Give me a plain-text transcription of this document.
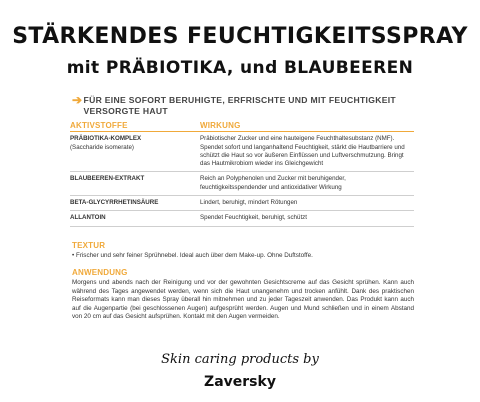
STÄRKENDES FEUCHTIGKEITSSPRAY
mit PRÄBIOTIKA, und BLAUBEEREN
➔ FÜR EINE SOFORT BERUHIGTE, ERFRISCHTE UND MIT FEUCHTIGKEIT VERSORGTE HAUT
AKTIVSTOFFE	WIRKUNG
PRÄBIOTIKA-KOMPLEX
(Saccharide isomerate)	Präbiotischer Zucker und eine hauteigene Feuchthaltesubstanz (NMF). Spendet sofort und langanhaltend Feuchtigkeit, stärkt die Hautbarriere und schützt die Haut so vor äußeren Einflüssen und Luftverschmutzung. Bringt das Hautmikrobiom wieder ins Gleichgewicht
BLAUBEEREN-EXTRAKT	Reich an Polyphenolen und Zucker mit beruhigender, feuchtigkeitsspendender und antioxidativer Wirkung
BETA-GLYCYRRHETINSÄURE	Lindert, beruhigt, mindert Rötungen
ALLANTOIN	Spendet Feuchtigkeit, beruhigt, schützt
TEXTUR
• Frischer und sehr feiner Sprühnebel. Ideal auch über dem Make-up. Ohne Duftstoffe.
ANWENDUNG
Morgens und abends nach der Reinigung und vor der gewohnten Gesichtscreme auf das Gesicht sprühen. Kann auch während des Tages angewendet werden, wenn sich die Haut unangenehm und trocken anfühlt. Dank des praktischen Reiseformats kann man dieses Spray überall hin mitnehmen und zu jeder Tageszeit anwenden. Das Produkt kann auch auf die Augenpartie (bei geschlossenen Augen) aufgesprüht werden. Augen und Mund schließen und in einem Abstand von 20 cm auf das Gesicht aufsprühen. Kontakt mit den Augen vermeiden.
Skin caring products by
Zaversky
